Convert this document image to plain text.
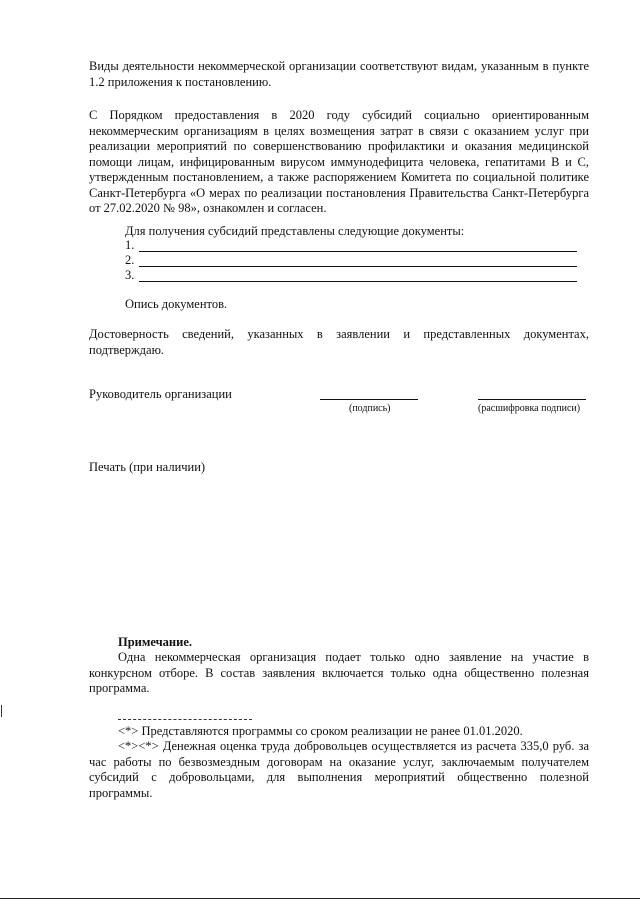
Виды деятельности некоммерческой организации соответствуют видам, указанным в пункте 1.2 приложения к постановлению.

С Порядком предоставления в 2020 году субсидий социально ориентированным некоммерческим организациям в целях возмещения затрат в связи с оказанием услуг при реализации мероприятий по совершенствованию профилактики и оказания медицинской помощи лицам, инфицированным вирусом иммунодефицита человека, гепатитами В и С, утвержденным постановлением, а также распоряжением Комитета по социальной политике Санкт-Петербурга «О мерах по реализации постановления Правительства Санкт-Петербурга от 27.02.2020 № 98», ознакомлен и согласен.

Для получения субсидий представлены следующие документы:

1.
2.
3.

Опись документов.

Достоверность сведений, указанных в заявлении и представленных документах, подтверждаю.

Руководитель организации

(подпись)	(расшифровка подписи)

Печать (при наличии)

Примечание.

Одна некоммерческая организация подает только одно заявление на участие в конкурсном отборе. В состав заявления включается только одна общественно полезная программа.

<*> Представляются программы со сроком реализации не ранее 01.01.2020.

<*><*> Денежная оценка труда добровольцев осуществляется из расчета 335,0 руб. за час работы по безвозмездным договорам на оказание услуг, заключаемым получателем субсидий с добровольцами, для выполнения мероприятий общественно полезной программы.
